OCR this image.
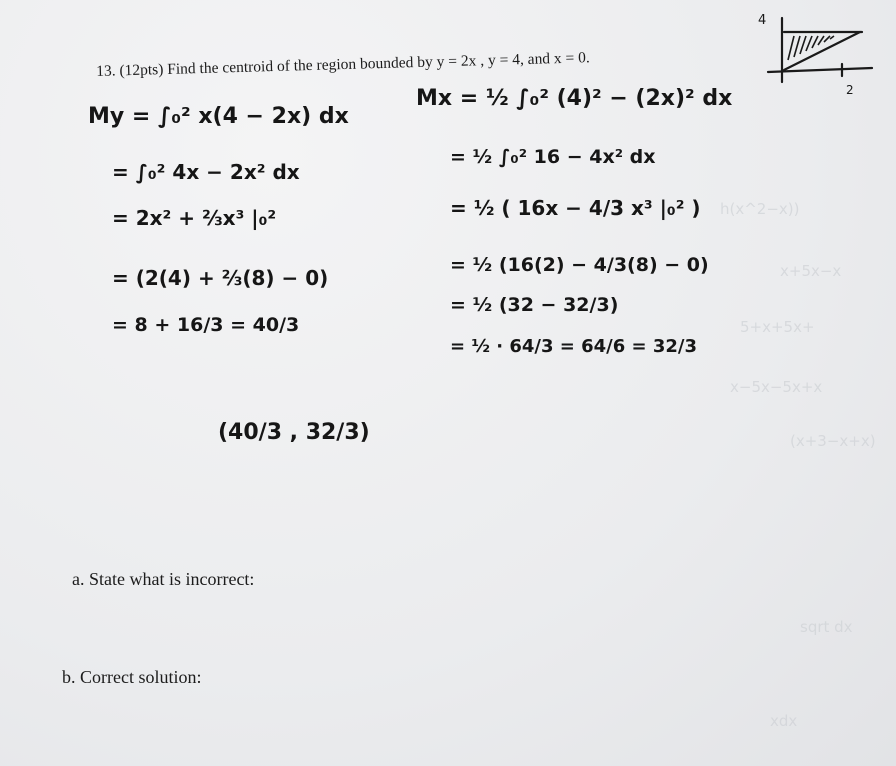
h(x^2−x))
x+5x−x
5+x+5x+
x−5x−5x+x
(x+3−x+x)
sqrt dx
xdx
13. (12pts) Find the centroid of the region bounded by y = 2x , y = 4, and x = 0.
4
2
My = ∫₀² x(4 − 2x) dx
= ∫₀² 4x − 2x² dx
= 2x² + ⅔x³ |₀²
= (2(4) + ⅔(8) − 0)
= 8 + 16/3 = 40/3
(40/3 , 32/3)
Mx = ½ ∫₀² (4)² − (2x)² dx
= ½ ∫₀² 16 − 4x² dx
= ½ ( 16x − 4/3 x³ |₀² )
= ½ (16(2) − 4/3(8) − 0)
= ½ (32 − 32/3)
= ½ · 64/3 = 64/6 = 32/3
a. State what is incorrect:
b. Correct solution:
